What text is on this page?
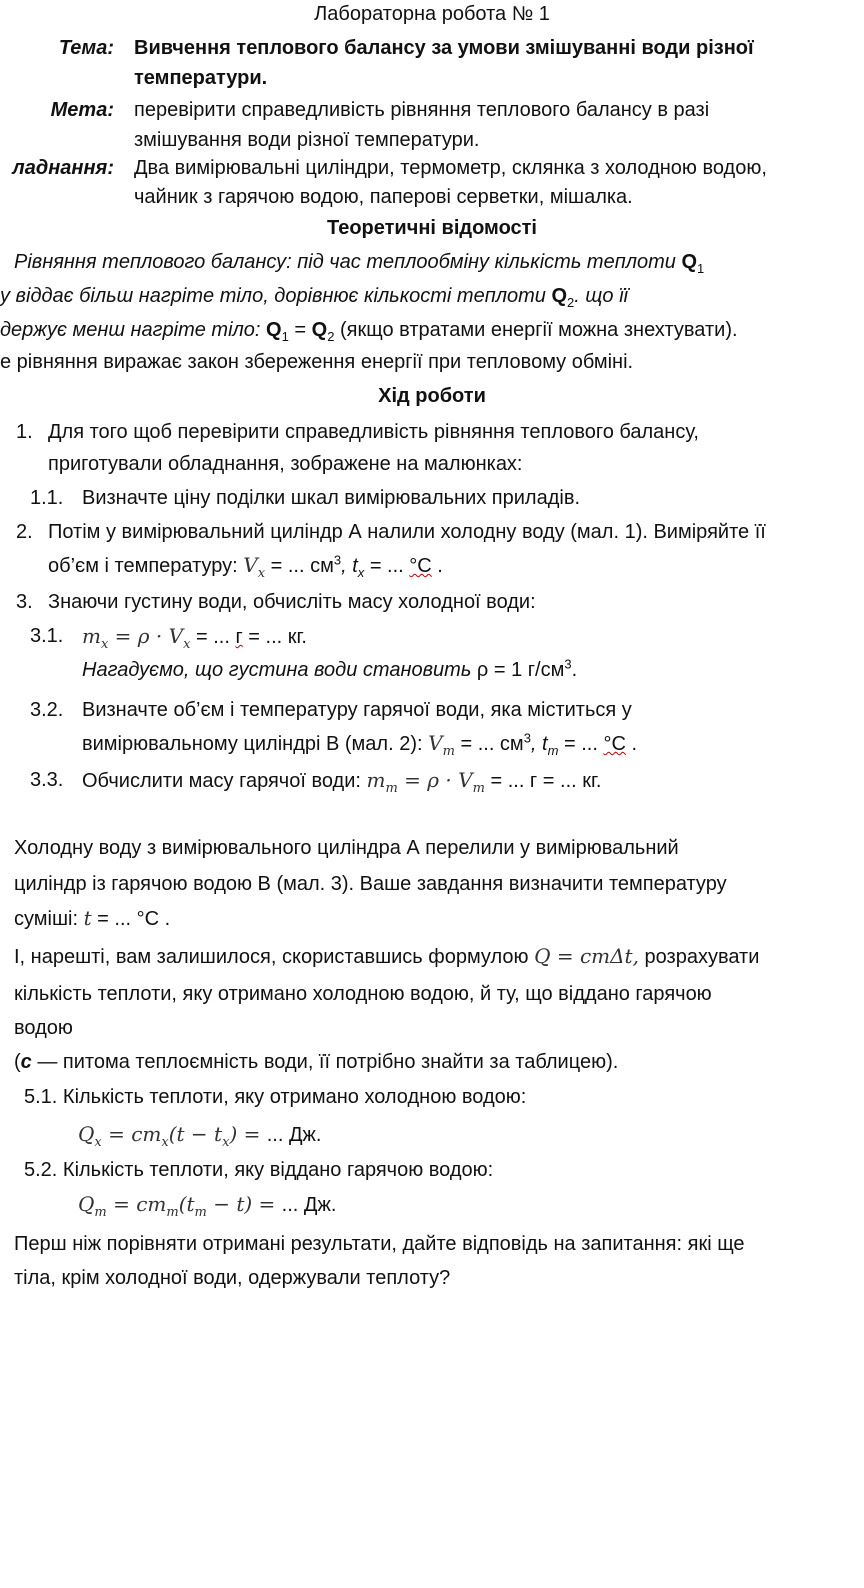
Лабораторна робота № 1
Тема: Вивчення теплового балансу за умови змішуванні води різної
температури.
Мета: перевірити справедливість рівняння теплового балансу в разі
змішування води різної температури.
ладнання: Два вимірювальні циліндри, термометр, склянка з холодною водою,
чайник з гарячою водою, паперові серветки, мішалка.
Теоретичні відомості
Рівняння теплового балансу: під час теплообміну кількість теплоти $Q_1$
у віддає більш нагріте тіло, дорівнює кількості теплоти $Q_2$. що її
держує менш нагріте тіло: $Q_1 = Q_2$ (якщо втратами енергії можна знехтувати).
е рівняння виражає закон збереження енергії при тепловому обміні.
Хід роботи
1. Для того щоб перевірити справедливість рівняння теплового балансу,
приготували обладнання, зображене на малюнках:
1.1. Визначте ціну поділки шкал вимірювальних приладів.
2. Потім у вимірювальний циліндр А налили холодну воду (мал. 1). Виміряйте її
об’єм і температуру: $V_x$ = ... $см^3$, $t_x$ = ... °С .
3. Знаючи густину води, обчисліть масу холодної води:
3.1. $m_x = \rho \cdot V_x$ = ... г = ... кг.
Нагадуємо, що густина води становить ρ = 1 $г/см^3$.
3.2. Визначте об’єм і температуру гарячої води, яка міститься у
вимірювальному циліндрі В (мал. 2): $V_т$ = ... $см^3$, $t_т$ = ... °С .
3.3. Обчислити масу гарячої води: $m_т = \rho \cdot V_т$ = ... г = ... кг.
Холодну воду з вимірювального циліндра А перелили у вимірювальний
циліндр із гарячою водою В (мал. 3). Ваше завдання визначити температуру
суміші: t = ... °С .
І, нарешті, вам залишилося, скориставшись формулою Q = cmΔt, розрахувати
кількість теплоти, яку отримано холодною водою, й ту, що віддано гарячою
водою
(с — питома теплоємність води, її потрібно знайти за таблицею).
5.1. Кількість теплоти, яку отримано холодною водою:
$Q_x = cm_x(t - t_x)$ = ... Дж.
5.2. Кількість теплоти, яку віддано гарячою водою:
$Q_т = cm_т(t_т - t)$ = ... Дж.
Перш ніж порівняти отримані результати, дайте відповідь на запитання: які ще
тіла, крім холодної води, одержували теплоту?
